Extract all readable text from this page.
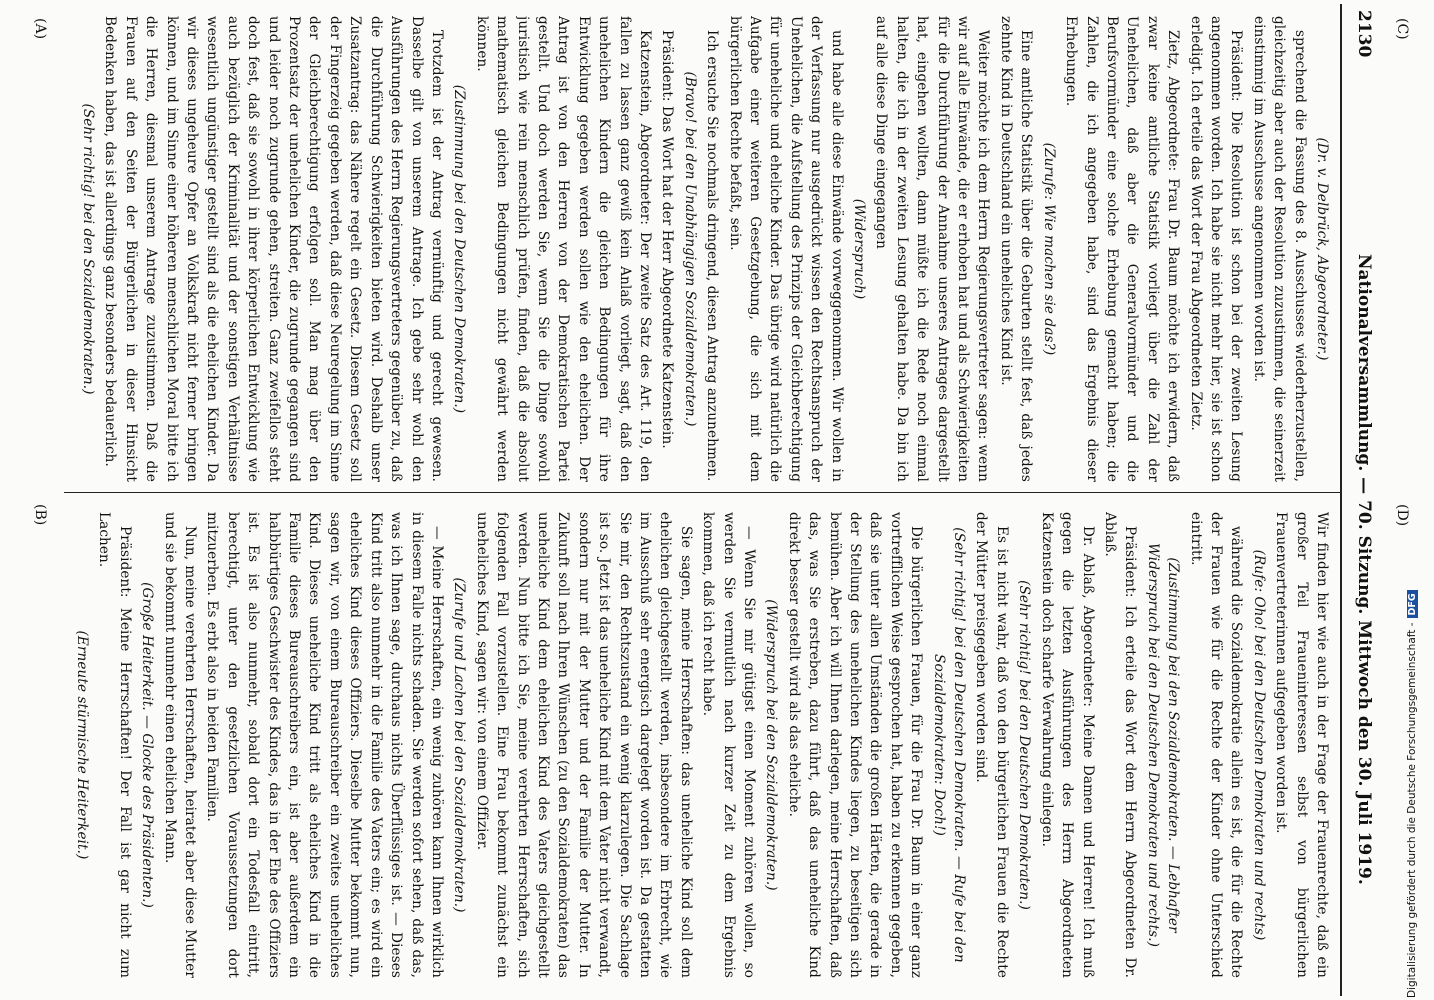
2130
Nationalversammlung. — 70. Sitzung. Mittwoch den 30. Juli 1919.

(Dr. v. Delbrück, Abgeordneter.)

sprechend die Fassung des 8. Ausschusses wiederherzustellen, gleichzeitig aber auch der Resolution zuzustimmen, die seinerzeit einstimmig im Ausschusse angenommen worden ist.

Präsident: Die Resolution ist schon bei der zweiten Lesung angenommen worden. Ich habe sie nicht mehr hier, sie ist schon erledigt. Ich erteile das Wort der Frau Abgeordneten Zietz.

Zietz, Abgeordnete: Frau Dr. Baum möchte ich erwidern, daß zwar keine amtliche Statistik vorliegt über die Zahl der Unehelichen, daß aber die Generalvormünder und die Berufsvormünder eine solche Erhebung gemacht haben; die Zahlen, die ich angegeben habe, sind das Ergebnis dieser Erhebungen.

(Zurufe: Wie machen sie das?)

Eine amtliche Statistik über die Geburten stellt fest, daß jedes zehnte Kind in Deutschland ein uneheliches Kind ist.

Weiter möchte ich dem Herrn Regierungsvertreter sagen: wenn wir auf alle Einwände, die er erhoben hat und als Schwierigkeiten für die Durchführung der Annahme unseres Antrages dargestellt hat, eingehen wollten, dann müßte ich die Rede noch einmal halten, die ich in der zweiten Lesung gehalten habe. Da bin ich auf alle diese Dinge eingegangen

(Widerspruch)

und habe alle diese Einwände vorweggenommen. Wir wollen in der Verfassung nur ausgedrückt wissen den Rechtsanspruch der Unehelichen, die Aufstellung des Prinzips der Gleichberechtigung für uneheliche und eheliche Kinder. Das übrige wird natürlich die Aufgabe einer weiteren Gesetzgebung, die sich mit dem bürgerlichen Rechte befaßt, sein.

Ich ersuche Sie nochmals dringend, diesen Antrag anzunehmen.

(Bravo! bei den Unabhängigen Sozialdemokraten.)

Präsident: Das Wort hat der Herr Abgeordnete Katzenstein.

Katzenstein, Abgeordneter: Der zweite Satz des Art. 119, den fallen zu lassen ganz gewiß kein Anlaß vorliegt, sagt, daß den unehelichen Kindern die gleichen Bedingungen für ihre Entwicklung gegeben werden sollen wie den ehelichen. Der Antrag ist von den Herren von der Demokratischen Partei gestellt. Und doch werden Sie, wenn Sie die Dinge sowohl juristisch wie rein menschlich prüfen, finden, daß die absolut mathematisch gleichen Bedingungen nicht gewährt werden können.

(Zustimmung bei den Deutschen Demokraten.)

Trotzdem ist der Antrag vernünftig und gerecht gewesen. Dasselbe gilt von unserem Antrage. Ich gebe sehr wohl den Ausführungen des Herrn Regierungsvertreters gegenüber zu, daß die Durchführung Schwierigkeiten bieten wird. Deshalb unser Zusatzantrag: das Nähere regelt ein Gesetz. Diesem Gesetz soll der Fingerzeig gegeben werden, daß diese Neuregelung im Sinne der Gleichberechtigung erfolgen soll. Man mag über den Prozentsatz der unehelichen Kinder, die zugrunde gegangen sind und leider noch zugrunde gehen, streiten. Ganz zweifellos steht doch fest, daß sie sowohl in ihrer körperlichen Entwicklung wie auch bezüglich der Kriminalität und der sonstigen Verhältnisse wesentlich ungünstiger gestellt sind als die ehelichen Kinder. Da wir dieses ungeheure Opfer an Volkskraft nicht ferner bringen können, und im Sinne einer höheren menschlichen Moral bitte ich die Herren, diesmal unserem Antrage zuzustimmen. Daß die Frauen auf den Seiten der Bürgerlichen in dieser Hinsicht Bedenken haben, das ist allerdings ganz besonders bedauerlich.

(Sehr richtig! bei den Sozialdemokraten.)

Wir finden hier wie auch in der Frage der Frauenrechte, daß ein großer Teil Fraueninteressen selbst von bürgerlichen Frauenvertreterinnen aufgegeben worden ist.

(Rufe: Oho! bei den Deutschen Demokraten und rechts)

während die Sozialdemokratie allein es ist, die für die Rechte der Frauen wie für die Rechte der Kinder ohne Unterschied eintritt.

(Zustimmung bei den Sozialdemokraten. — Lebhafter Widerspruch bei den Deutschen Demokraten und rechts.)

Präsident: Ich erteile das Wort dem Herrn Abgeordneten Dr. Ablaß.

Dr. Ablaß, Abgeordneter: Meine Damen und Herren! Ich muß gegen die letzten Ausführungen des Herrn Abgeordneten Katzenstein doch scharfe Verwahrung einlegen.

(Sehr richtig! bei den Deutschen Demokraten.)

Es ist nicht wahr, daß von den bürgerlichen Frauen die Rechte der Mütter preisgegeben worden sind.

(Sehr richtig! bei den Deutschen Demokraten. — Rufe bei den Sozialdemokraten: Doch!)

Die bürgerlichen Frauen, für die Frau Dr. Baum in einer ganz vortrefflichen Weise gesprochen hat, haben zu erkennen gegeben, daß sie unter allen Umständen die großen Härten, die gerade in der Stellung des unehelichen Kindes liegen, zu beseitigen sich bemühen. Aber ich will Ihnen darlegen, meine Herrschaften, daß das, was Sie erstreben, dazu führt, daß das uneheliche Kind direkt besser gestellt wird als das eheliche.

(Widerspruch bei den Sozialdemokraten.)

— Wenn Sie mir gütigst einen Moment zuhören wollen, so werden Sie vermutlich nach kurzer Zeit zu dem Ergebnis kommen, daß ich recht habe.

Sie sagen, meine Herrschaften: das uneheliche Kind soll dem ehelichen gleichgestellt werden, insbesondere im Erbrecht, wie im Ausschuß sehr energisch dargelegt worden ist. Da gestatten Sie mir, den Rechtszustand ein wenig klarzulegen. Die Sachlage ist so. Jetzt ist das uneheliche Kind mit dem Vater nicht verwandt, sondern nur mit der Mutter und der Familie der Mutter. In Zukunft soll nach Ihren Wünschen (zu den Sozialdemokraten) das uneheliche Kind dem ehelichen Kind des Vaters gleichgestellt werden. Nun bitte ich Sie, meine verehrten Herrschaften, sich folgenden Fall vorzustellen. Eine Frau bekommt zunächst ein uneheliches Kind, sagen wir: von einem Offizier.

(Zurufe und Lachen bei den Sozialdemokraten.)

— Meine Herrschaften, ein wenig zuhören kann Ihnen wirklich in diesem Falle nichts schaden. Sie werden sofort sehen, daß das, was ich Ihnen sage, durchaus nichts Überflüssiges ist. — Dieses Kind tritt also nunmehr in die Familie des Vaters ein; es wird ein eheliches Kind dieses Offiziers. Dieselbe Mutter bekommt nun, sagen wir, von einem Bureauschreiber ein zweites uneheliches Kind. Dieses uneheliche Kind tritt als eheliches Kind in die Familie dieses Bureauschreibers ein, ist aber außerdem ein halbbürtiges Geschwister des Kindes, das in der Ehe des Offiziers ist. Es ist also nunmehr, sobald dort ein Todesfall eintritt, berechtigt, unter den gesetzlichen Voraussetzungen dort mitzuerben. Es erbt also in beiden Familien.

Nun, meine verehrten Herrschaften, heiratet aber diese Mutter und sie bekommt nunmehr einen ehelichen Mann.

(Große Heiterkeit. — Glocke des Präsidenten.)

Präsident: Meine Herrschaften! Der Fall ist gar nicht zum Lachen.

(Erneute stürmische Heiterkeit.)

(A)
(B)
(C)
(D)
Digitalisierung gefördert durch die Deutsche Forschungsgemeinschaft -DFG
